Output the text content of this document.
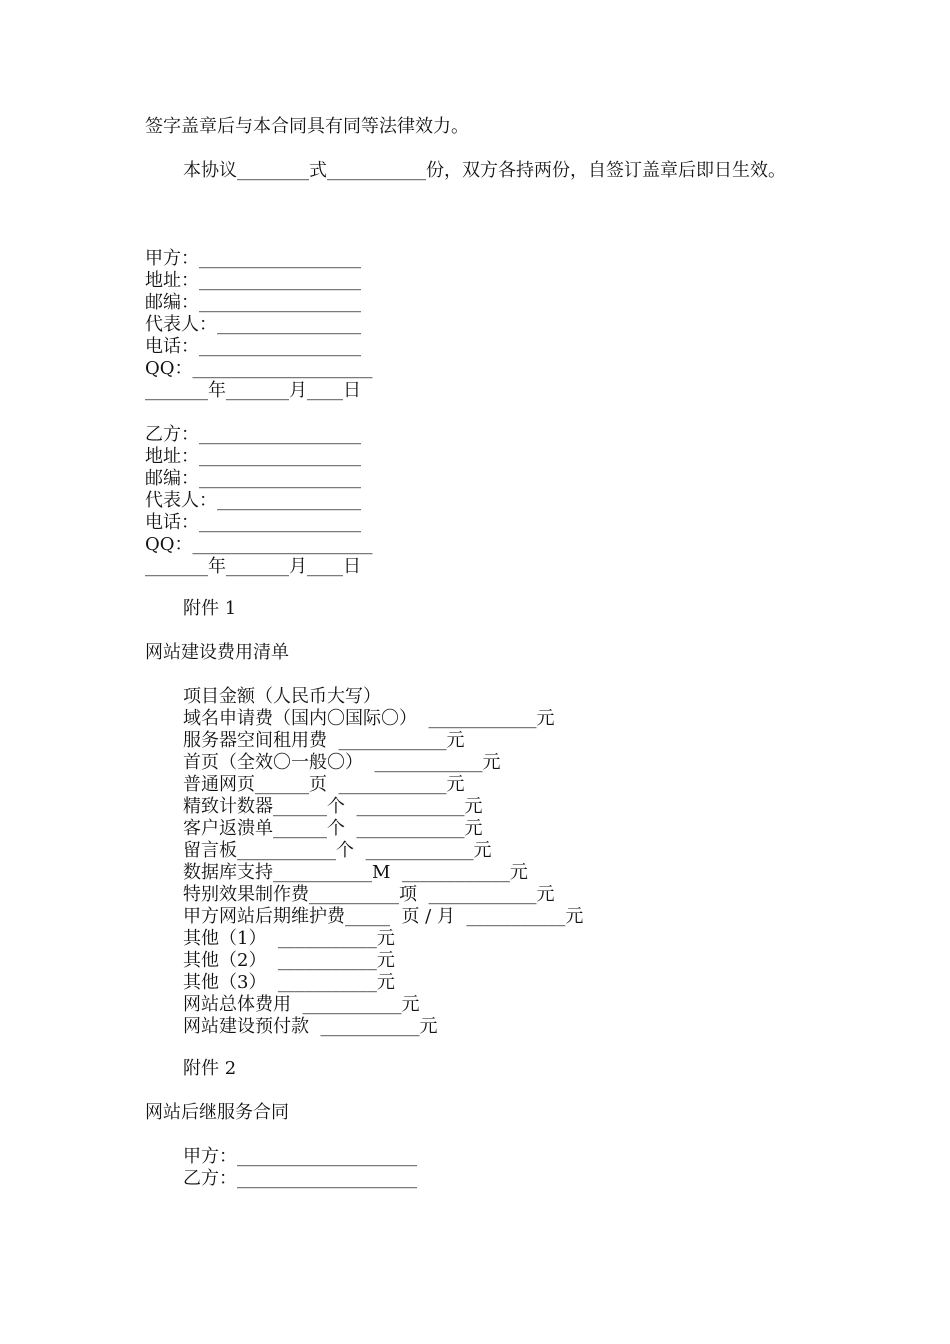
签字盖章后与本合同具有同等法律效力。
本协议________式___________份，双方各持两份，自签订盖章后即日生效。
甲方：__________________
地址：__________________
邮编：__________________
代表人：________________
电话：__________________
QQ：____________________
_______年_______月____日
乙方：__________________
地址：__________________
邮编：__________________
代表人：________________
电话：__________________
QQ：____________________
_______年_______月____日
附件 1
网站建设费用清单
项目金额（人民币大写）
域名申请费（国内〇国际〇）  ____________元
服务器空间租用费  ____________元
首页（全效〇一般〇）  ____________元
普通网页______页  ____________元
精致计数器______个  ____________元
客户返溃单______个  ____________元
留言板___________个  ____________元
数据库支持___________M  ____________元
特别效果制作费__________项  ____________元
甲方网站后期维护费_____  页 / 月  ___________元
其他（1）  ___________元
其他（2）  ___________元
其他（3）  ___________元
网站总体费用  ___________元
网站建设预付款  ___________元
附件 2
网站后继服务合同
甲方：____________________
乙方：____________________
